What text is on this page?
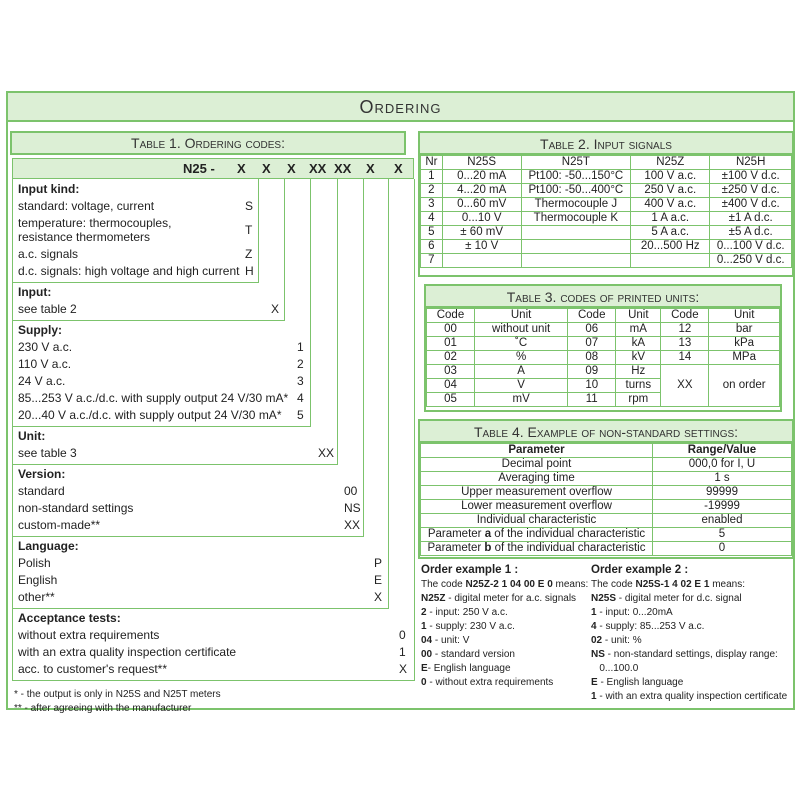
Ordering
Table 1. Ordering codes:
N25 - X X X XX XX X X
Input kind:
standard: voltage, current	S
temperature: thermocouples,
resistance thermometers	T
a.c. signals	Z
d.c. signals: high voltage and high current H
Input:
see table 2	X
Supply:
230 V a.c.	1
110 V a.c.	2
24 V a.c.	3
85...253 V a.c./d.c. with supply output 24 V/30 mA* 4
20...40 V a.c./d.c. with supply output 24 V/30 mA* 5
Unit:
see table 3	XX
Version:
standard	00
non-standard settings	NS
custom-made**	XX
Language:
Polish	P
English	E
other**	X
Acceptance tests:
without extra requirements	0
with an extra quality inspection certificate	1
acc. to customer's request**	X
* - the output is only in N25S and N25T meters
** - after agreeing with the manufacturer
Table 2. Input signals
Nr	N25S	N25T	N25Z	N25H
1	0...20 mA	Pt100: -50...150°C	100 V a.c.	±100 V d.c.
2	4...20 mA	Pt100: -50...400°C	250 V a.c.	±250 V d.c.
3	0...60 mV	Thermocouple J	400 V a.c.	±400 V d.c.
4	0...10 V	Thermocouple K	1 A a.c.	±1 A d.c.
5	± 60 mV		5 A a.c.	±5 A d.c.
6	± 10 V		20...500 Hz	0...100 V d.c.
7				0...250 V d.c.
Table 3. codes of printed units:
Code	Unit	Code	Unit	Code	Unit
00	without unit	06	mA	12	bar
01	˚C	07	kA	13	kPa
02	%	08	kV	14	MPa
03	A	09	Hz	XX	on order
04	V	10	turns		
05	mV	11	rpm		
Table 4. Example of non-standard settings:
Parameter	Range/Value
Decimal point	000,0 for I, U
Averaging time	1 s
Upper measurement overflow	99999
Lower measurement overflow	-19999
Individual characteristic	enabled
Parameter a of the individual characteristic	5
Parameter b of the individual characteristic	0
Order example 1 :
The code N25Z-2 1 04 00 E 0 means:
N25Z - digital meter for a.c. signals
2 - input: 250 V a.c.
1 - supply: 230 V a.c.
04 - unit: V
00 - standard version
E- English language
0 - without extra requirements
Order example 2 :
The code N25S-1 4 02 E 1 means:
N25S - digital meter for d.c. signal
1 - input: 0...20mA
4 - supply: 85...253 V a.c.
02 - unit: %
NS - non-standard settings, display range:
0...100.0
E - English language
1 - with an extra quality inspection certificate
